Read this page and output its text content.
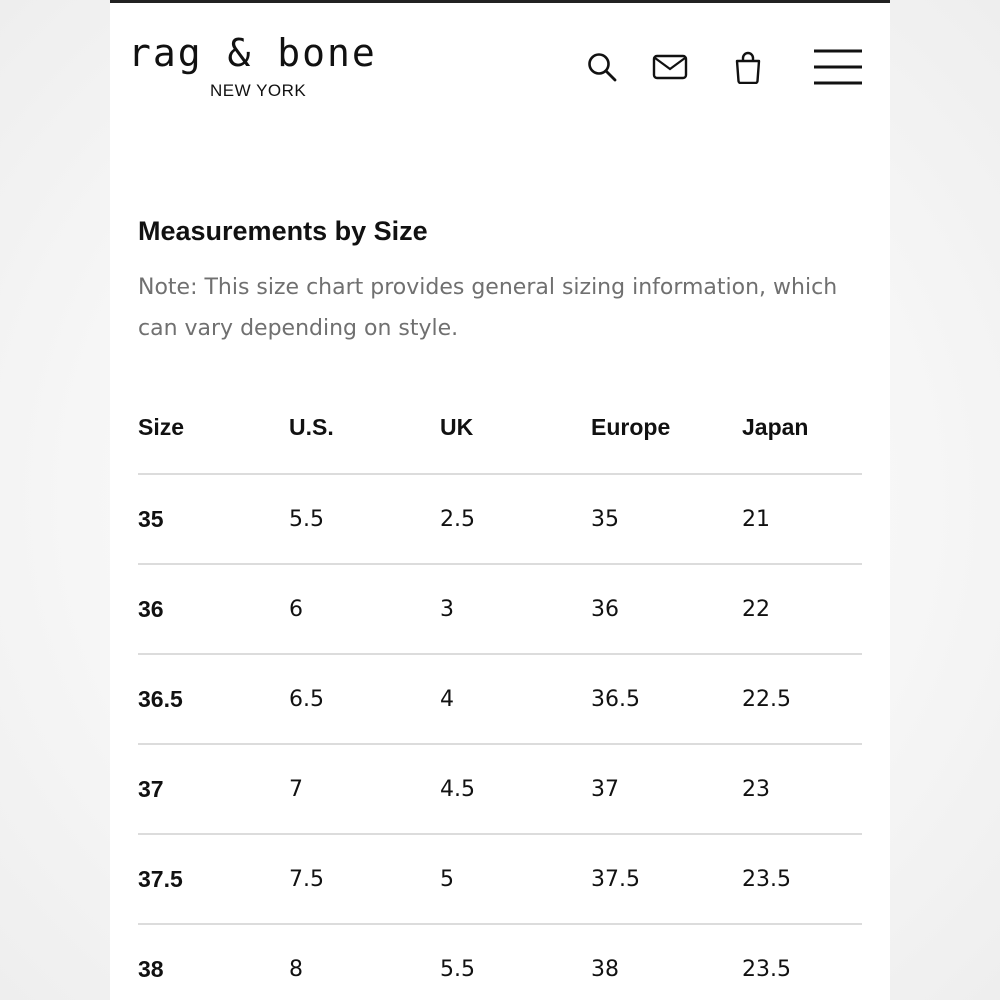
rag & bone
NEW YORK
Measurements by Size
Note: This size chart provides general sizing information, which can vary depending on style.
Size	U.S.	UK	Europe	Japan
35	5.5	2.5	35	21
36	6	3	36	22
36.5	6.5	4	36.5	22.5
37	7	4.5	37	23
37.5	7.5	5	37.5	23.5
38	8	5.5	38	23.5
